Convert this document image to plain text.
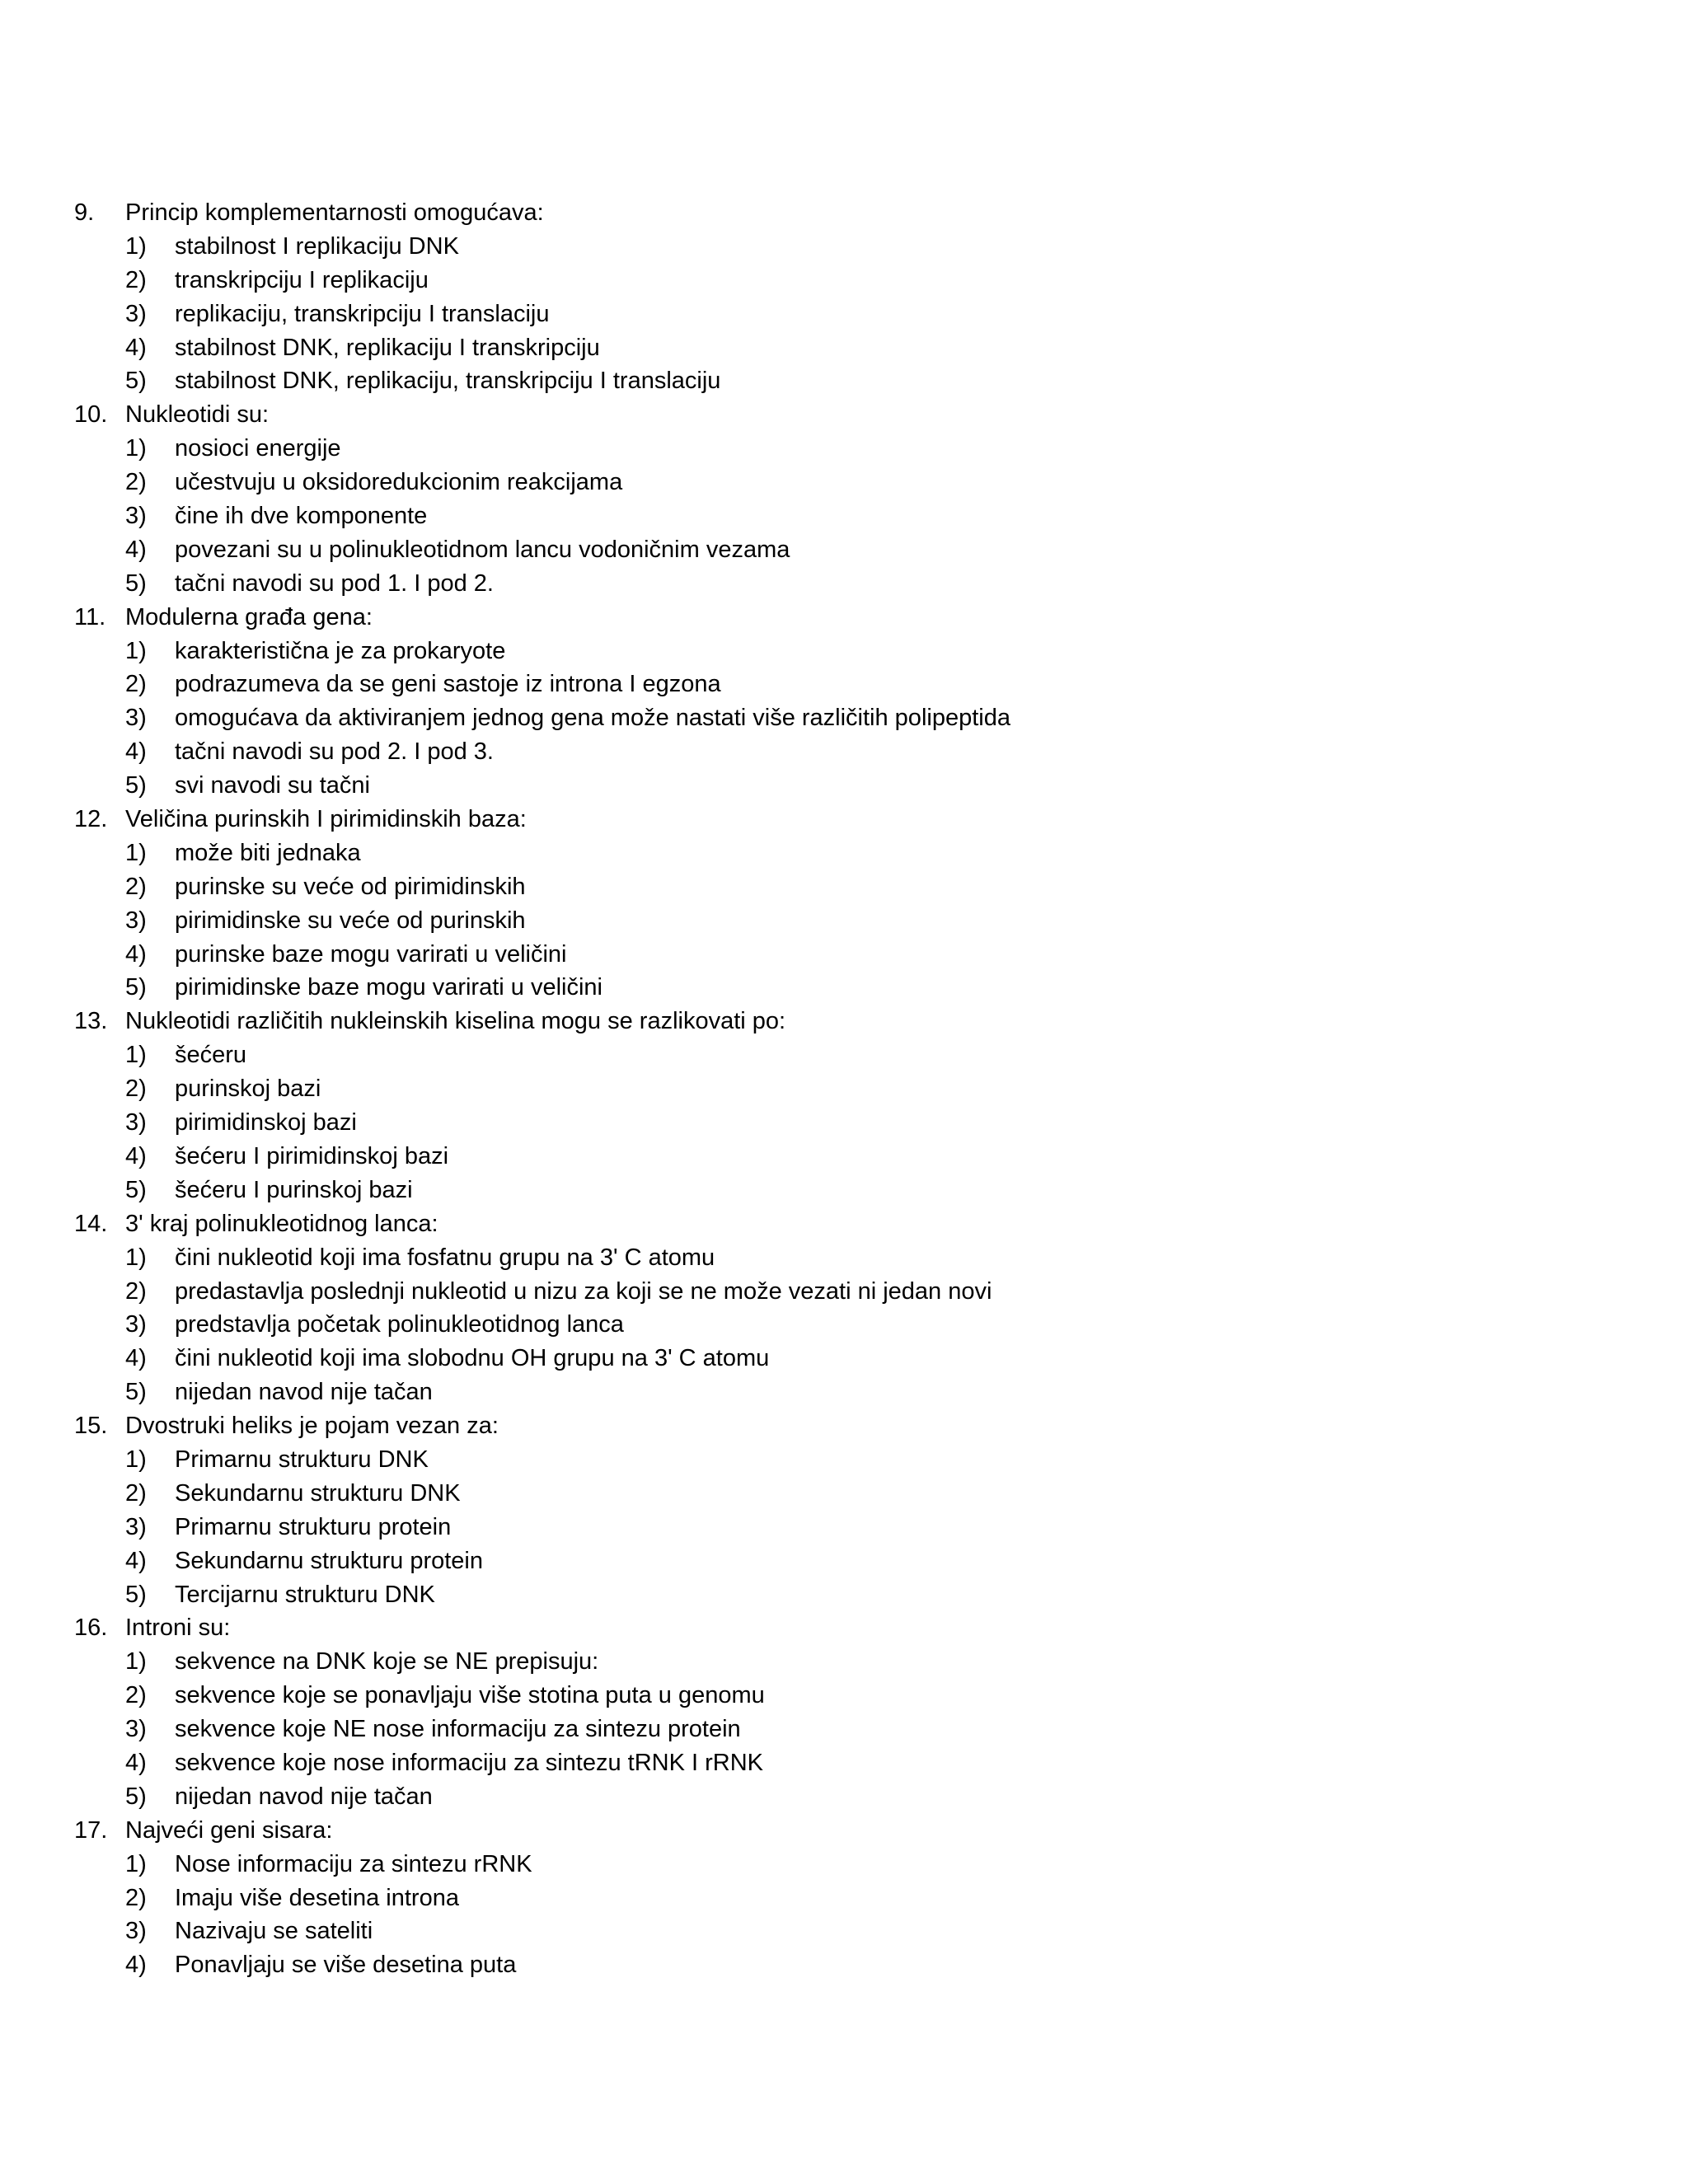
9. Princip komplementarnosti omogućava:
1) stabilnost I replikaciju DNK
2) transkripciju I replikaciju
3) replikaciju, transkripciju I translaciju
4) stabilnost DNK, replikaciju I transkripciju
5) stabilnost DNK, replikaciju, transkripciju I translaciju
10. Nukleotidi su:
1) nosioci energije
2) učestvuju u oksidoredukcionim reakcijama
3) čine ih dve komponente
4) povezani su u polinukleotidnom lancu vodoničnim vezama
5) tačni navodi su pod 1. I pod 2.
11. Modulerna građa gena:
1) karakteristična je za prokaryote
2) podrazumeva da se geni sastoje iz introna I egzona
3) omogućava da aktiviranjem jednog gena može nastati više različitih polipeptida
4) tačni navodi su pod 2. I pod 3.
5) svi navodi su tačni
12. Veličina purinskih I pirimidinskih baza:
1) može biti jednaka
2) purinske su veće od pirimidinskih
3) pirimidinske su veće od purinskih
4) purinske baze mogu varirati u veličini
5) pirimidinske baze mogu varirati u veličini
13. Nukleotidi različitih nukleinskih kiselina mogu se razlikovati po:
1) šećeru
2) purinskoj bazi
3) pirimidinskoj bazi
4) šećeru I pirimidinskoj bazi
5) šećeru I purinskoj bazi
14. 3' kraj polinukleotidnog lanca:
1) čini nukleotid koji ima fosfatnu grupu na 3' C atomu
2) predastavlja poslednji nukleotid u nizu za koji se ne može vezati ni jedan novi
3) predstavlja početak polinukleotidnog lanca
4) čini nukleotid koji ima slobodnu OH grupu na 3' C atomu
5) nijedan navod nije tačan
15. Dvostruki heliks je pojam vezan za:
1) Primarnu strukturu DNK
2) Sekundarnu strukturu DNK
3) Primarnu strukturu protein
4) Sekundarnu strukturu protein
5) Tercijarnu strukturu DNK
16. Introni su:
1) sekvence na DNK koje se NE prepisuju:
2) sekvence koje se ponavljaju više stotina puta u genomu
3) sekvence koje NE nose informaciju za sintezu protein
4) sekvence koje nose informaciju za sintezu tRNK I rRNK
5) nijedan navod nije tačan
17. Najveći geni sisara:
1) Nose informaciju za sintezu rRNK
2) Imaju više desetina introna
3) Nazivaju se sateliti
4) Ponavljaju se više desetina puta
